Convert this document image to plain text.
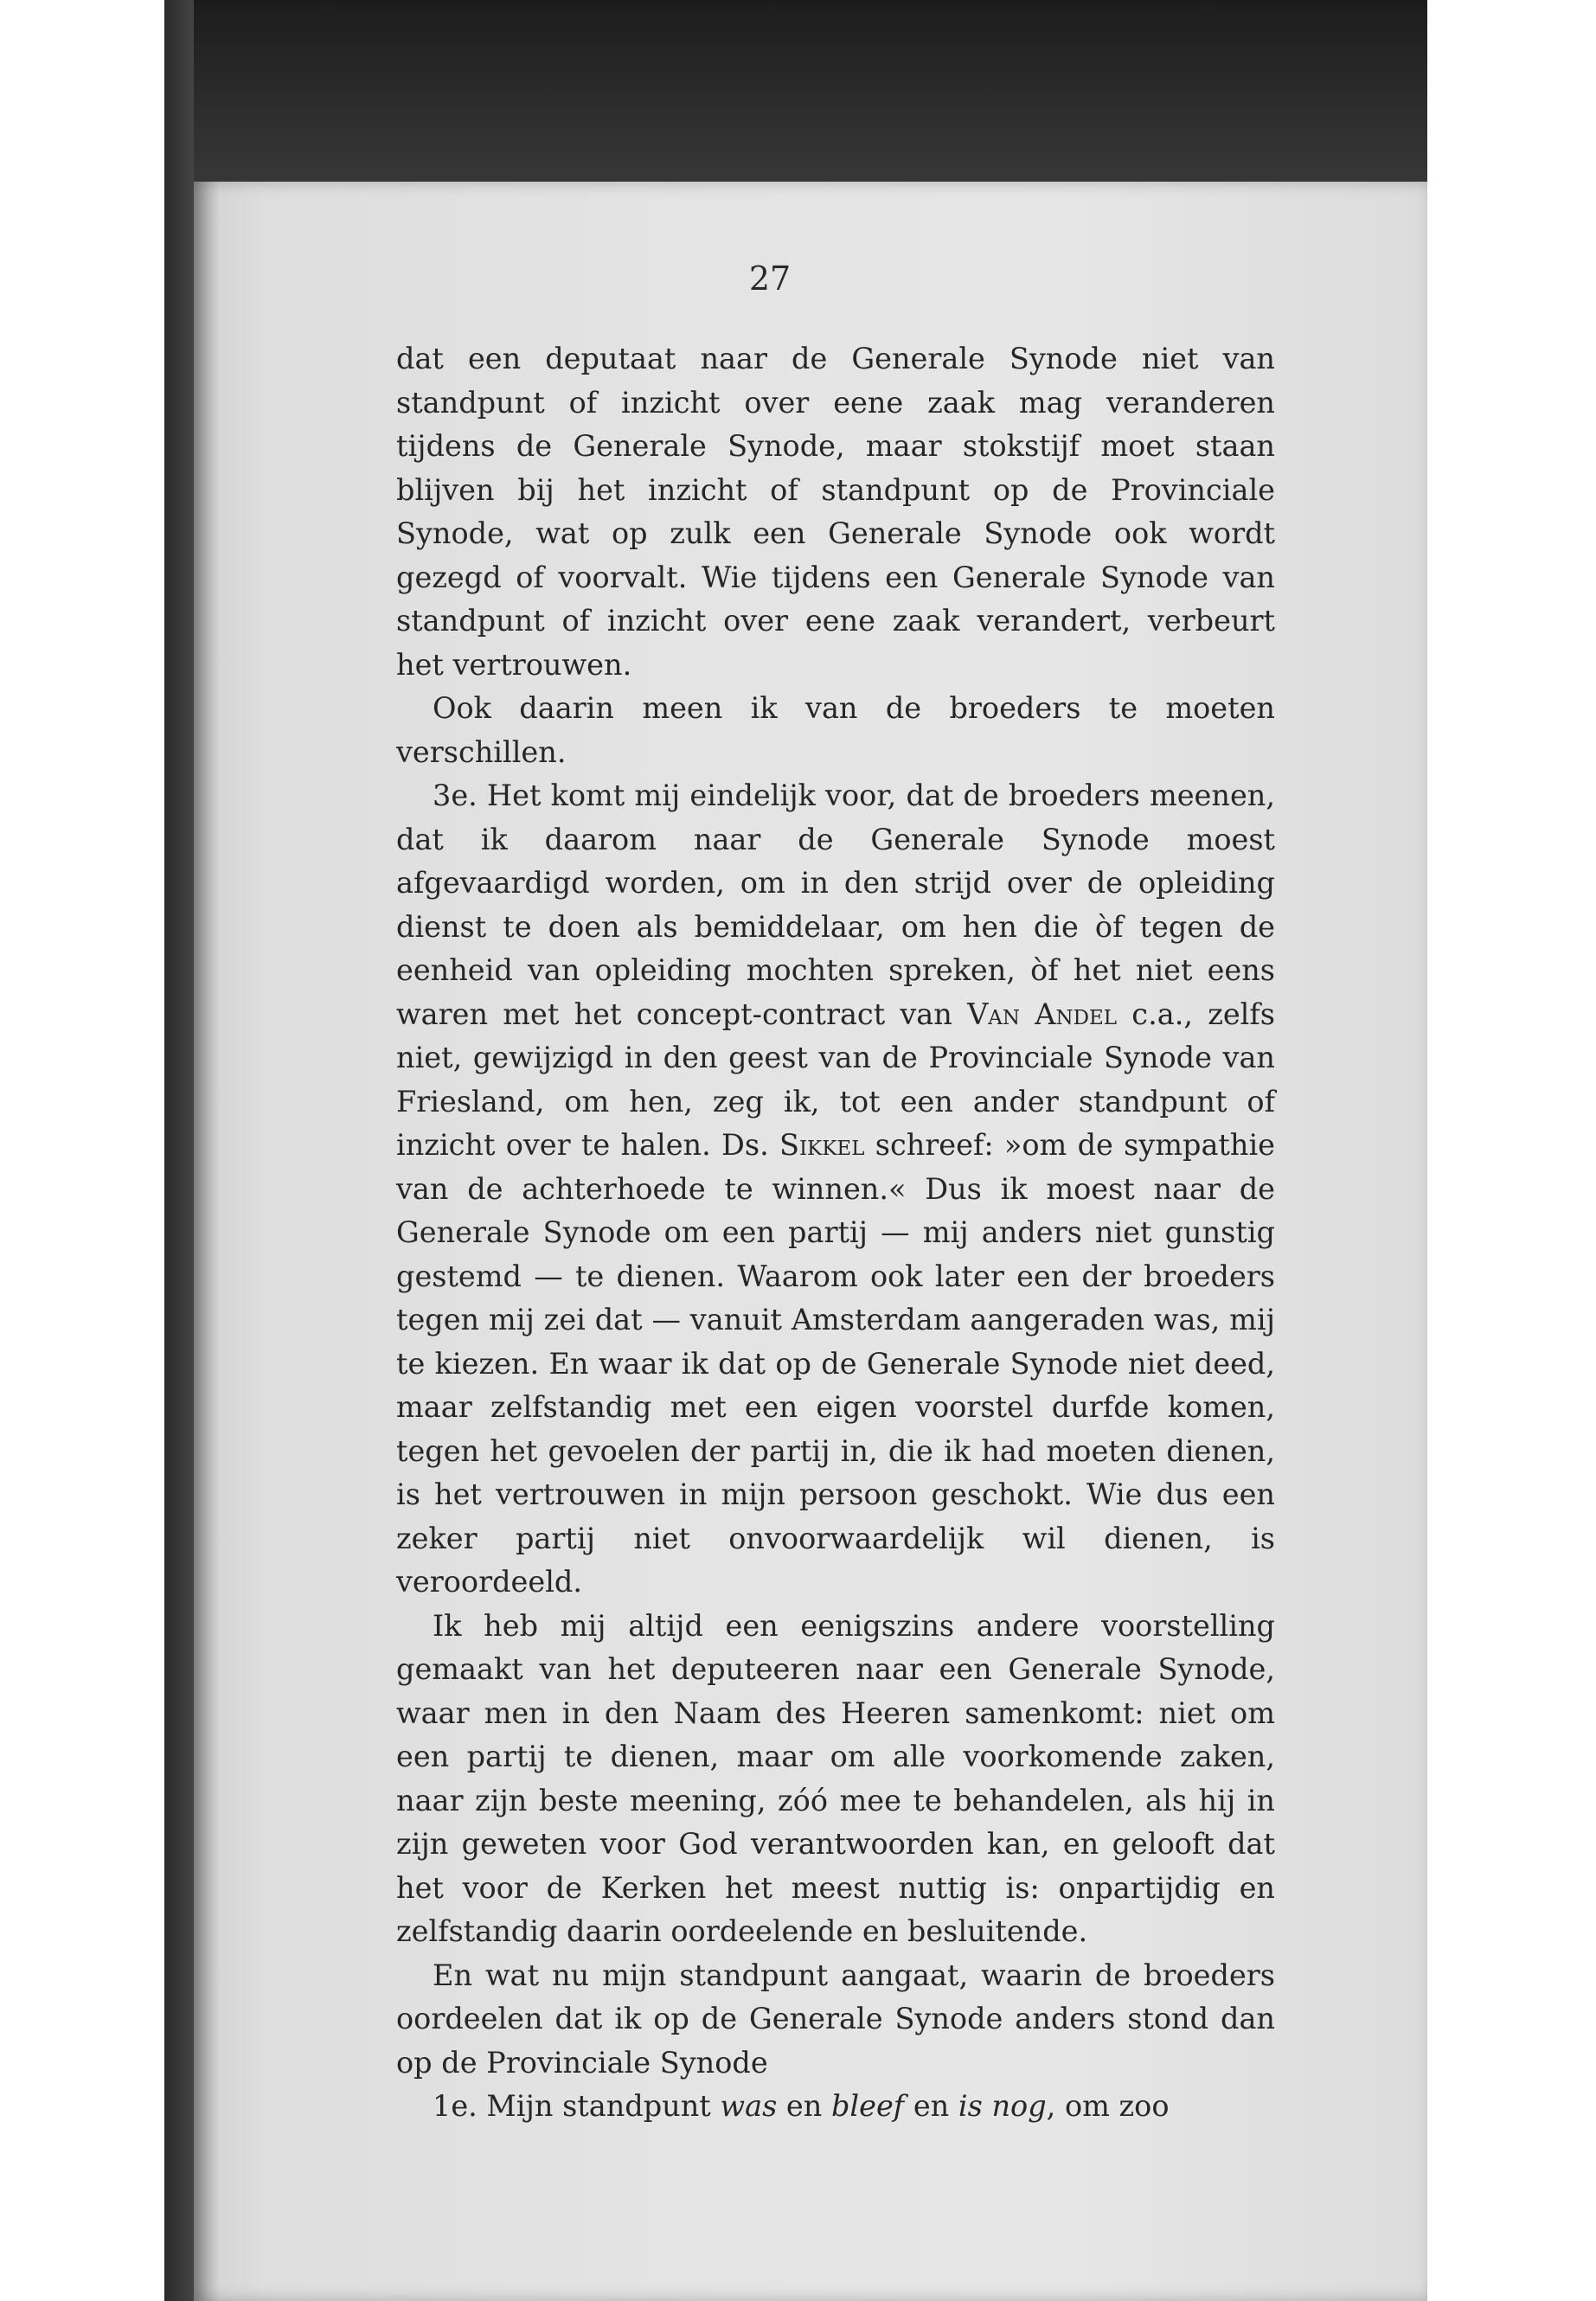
27

dat een deputaat naar de Generale Synode niet van standpunt of inzicht over eene zaak mag veranderen tijdens de Generale Synode, maar stokstijf moet staan blijven bij het inzicht of standpunt op de Provinciale Synode, wat op zulk een Generale Synode ook wordt gezegd of voorvalt. Wie tijdens een Generale Synode van standpunt of inzicht over eene zaak verandert, verbeurt het vertrouwen.

Ook daarin meen ik van de broeders te moeten verschillen.

3e. Het komt mij eindelijk voor, dat de broeders meenen, dat ik daarom naar de Generale Synode moest afgevaardigd worden, om in den strijd over de opleiding dienst te doen als bemiddelaar, om hen die òf tegen de eenheid van opleiding mochten spreken, òf het niet eens waren met het concept-contract van Van Andel c.a., zelfs niet, gewijzigd in den geest van de Provinciale Synode van Friesland, om hen, zeg ik, tot een ander standpunt of inzicht over te halen. Ds. Sikkel schreef: »om de sympathie van de achterhoede te winnen.« Dus ik moest naar de Generale Synode om een partij — mij anders niet gunstig gestemd — te dienen. Waarom ook later een der broeders tegen mij zei dat — vanuit Amsterdam aangeraden was, mij te kiezen. En waar ik dat op de Generale Synode niet deed, maar zelfstandig met een eigen voorstel durfde komen, tegen het gevoelen der partij in, die ik had moeten dienen, is het vertrouwen in mijn persoon geschokt. Wie dus een zeker partij niet onvoorwaardelijk wil dienen, is veroordeeld.

Ik heb mij altijd een eenigszins andere voorstelling gemaakt van het deputeeren naar een Generale Synode, waar men in den Naam des Heeren samenkomt: niet om een partij te dienen, maar om alle voorkomende zaken, naar zijn beste meening, zóó mee te behandelen, als hij in zijn geweten voor God verantwoorden kan, en gelooft dat het voor de Kerken het meest nuttig is: onpartijdig en zelfstandig daarin oordeelende en besluitende.

En wat nu mijn standpunt aangaat, waarin de broeders oordeelen dat ik op de Generale Synode anders stond dan op de Provinciale Synode

1e. Mijn standpunt was en bleef en is nog, om zoo
